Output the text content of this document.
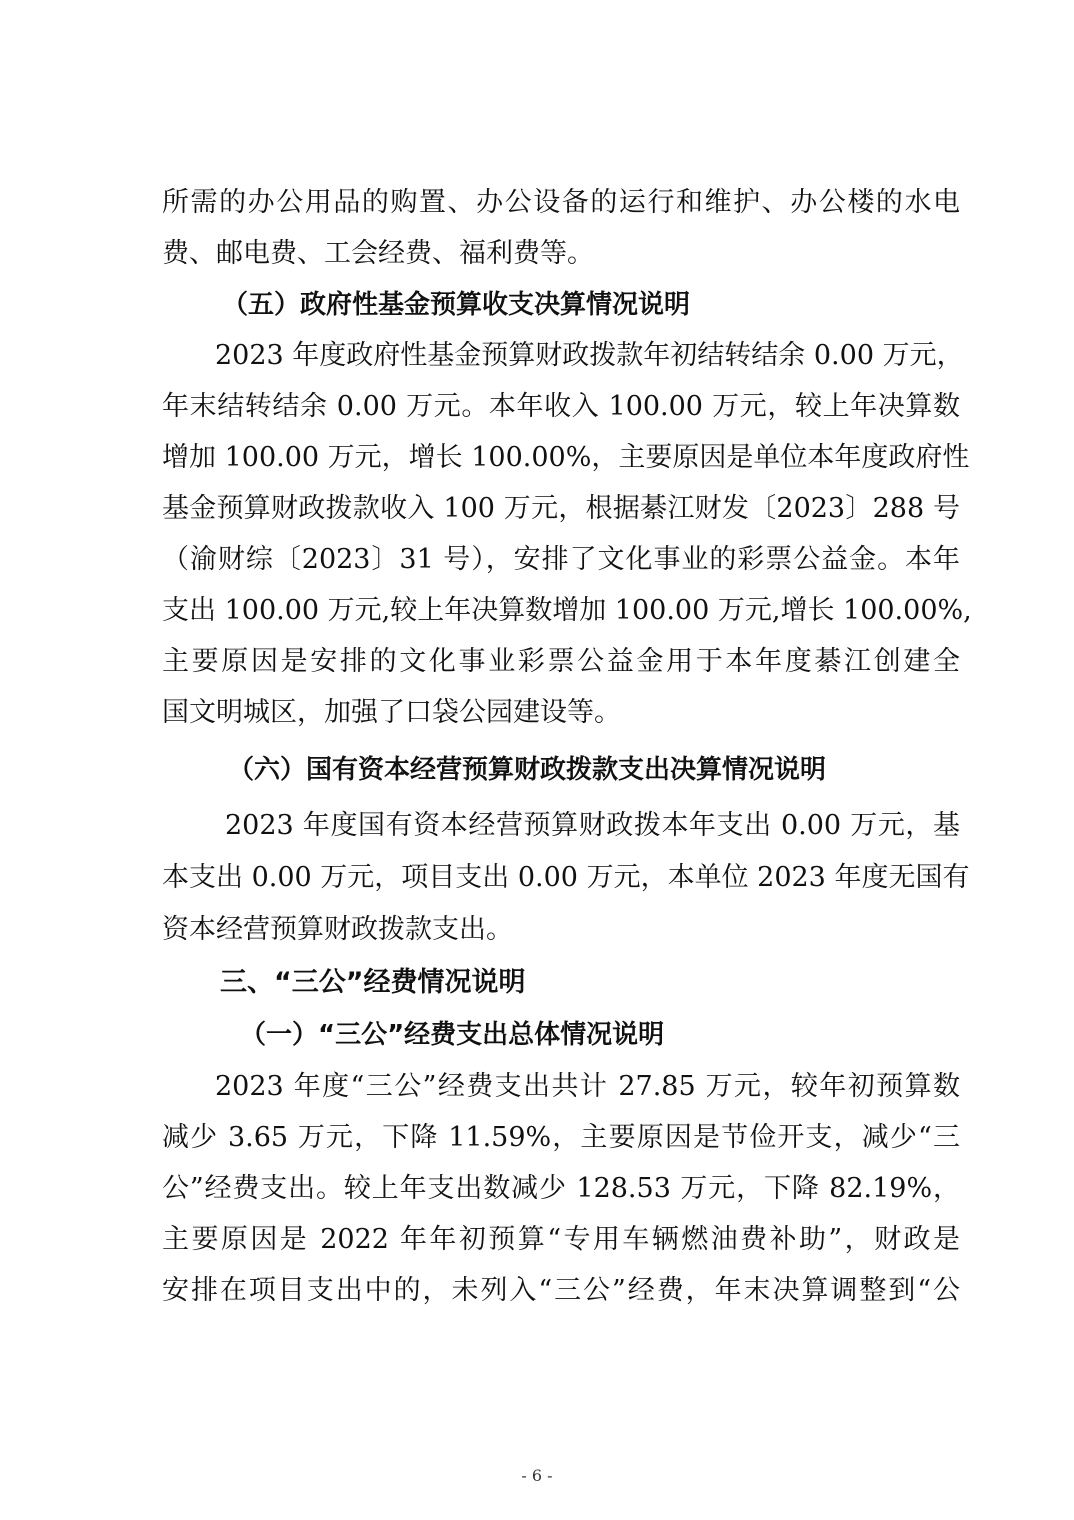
所需的办公用品的购置、办公设备的运行和维护、办公楼的水电
费、邮电费、工会经费、福利费等。
（五）政府性基金预算收支决算情况说明
2023 年度政府性基金预算财政拨款年初结转结余 0.00 万元，
年末结转结余 0.00 万元。本年收入 100.00 万元，较上年决算数
增加 100.00 万元，增长 100.00%，主要原因是单位本年度政府性
基金预算财政拨款收入 100 万元，根据綦江财发〔2023〕288 号
（渝财综〔2023〕31 号），安排了文化事业的彩票公益金。本年
支出 100.00 万元,较上年决算数增加 100.00 万元,增长 100.00%,
主要原因是安排的文化事业彩票公益金用于本年度綦江创建全
国文明城区，加强了口袋公园建设等。
（六）国有资本经营预算财政拨款支出决算情况说明
2023 年度国有资本经营预算财政拨本年支出 0.00 万元，基
本支出 0.00 万元，项目支出 0.00 万元，本单位 2023 年度无国有
资本经营预算财政拨款支出。
三、“三公”经费情况说明
（一）“三公”经费支出总体情况说明
2023 年度“三公”经费支出共计 27.85 万元，较年初预算数
减少 3.65 万元，下降 11.59%，主要原因是节俭开支，减少“三
公”经费支出。较上年支出数减少 128.53 万元，下降 82.19%，
主要原因是 2022 年年初预算“专用车辆燃油费补助”，财政是
安排在项目支出中的，未列入“三公”经费，年末决算调整到“公
- 6 -
